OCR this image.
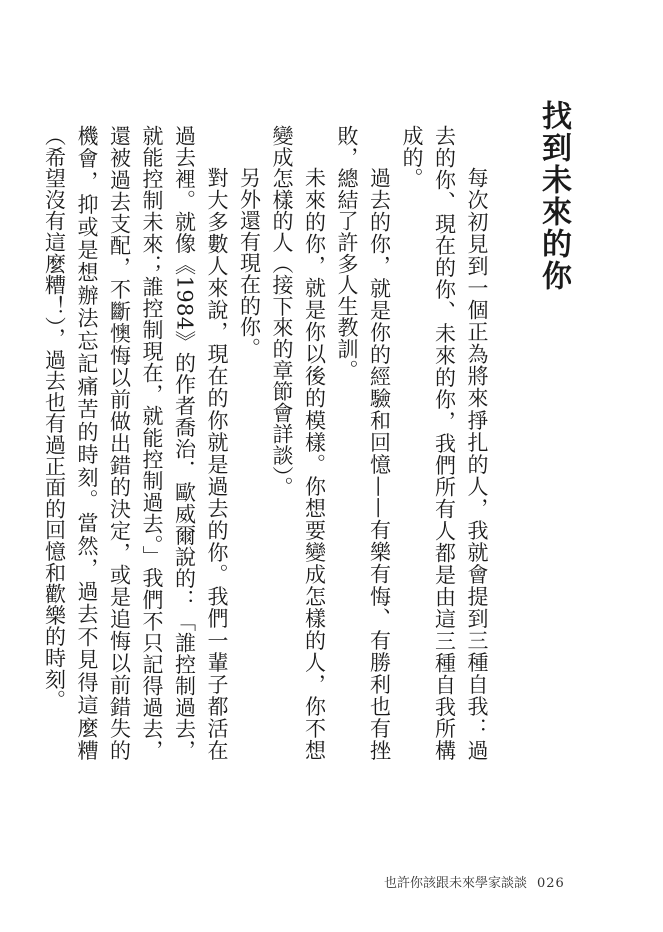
找到未來的你

每次初見到一個正為將來掙扎的人，我就會提到三種自我：過去的你、現在的你、未來的你，我們所有人都是由這三種自我所構成的。

過去的你，就是你的經驗和回憶——有樂有悔、有勝利也有挫敗，總結了許多人生教訓。

未來的你，就是你以後的模樣。你想要變成怎樣的人，你不想變成怎樣的人（接下來的章節會詳談）。

另外還有現在的你。

對大多數人來說，現在的你就是過去的你。我們一輩子都活在過去裡。就像《1984》的作者喬治．歐威爾說的：「誰控制過去，就能控制未來；誰控制現在，就能控制過去。」我們不只記得過去，還被過去支配，不斷懊悔以前做出錯的決定，或是追悔以前錯失的機會，抑或是想辦法忘記痛苦的時刻。當然，過去不見得這麼糟（希望沒有這麼糟！），過去也有過正面的回憶和歡樂的時刻。

也許你該跟未來學家談談 026
